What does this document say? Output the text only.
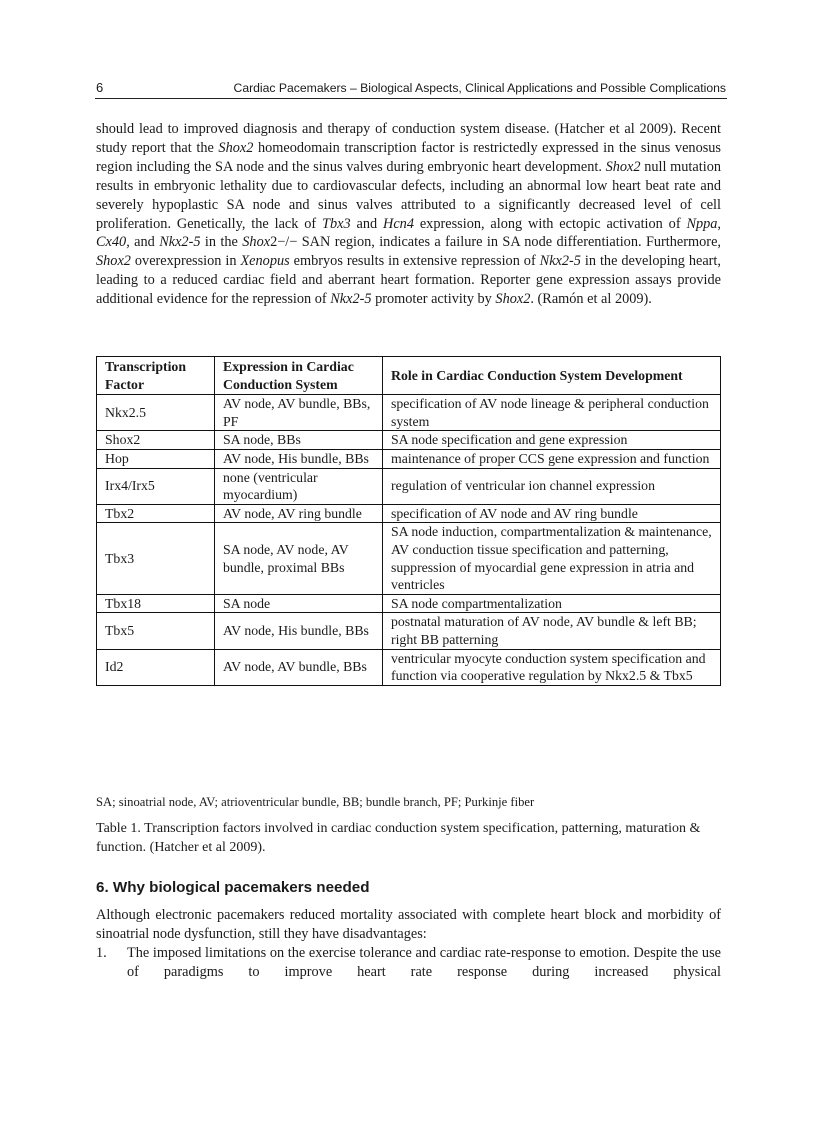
6	Cardiac Pacemakers – Biological Aspects, Clinical Applications and Possible Complications

should lead to improved diagnosis and therapy of conduction system disease. (Hatcher et al 2009). Recent study report that the Shox2 homeodomain transcription factor is restrictedly expressed in the sinus venosus region including the SA node and the sinus valves during embryonic heart development. Shox2 null mutation results in embryonic lethality due to cardiovascular defects, including an abnormal low heart beat rate and severely hypoplastic SA node and sinus valves attributed to a significantly decreased level of cell proliferation. Genetically, the lack of Tbx3 and Hcn4 expression, along with ectopic activation of Nppa, Cx40, and Nkx2-5 in the Shox2−/− SAN region, indicates a failure in SA node differentiation. Furthermore, Shox2 overexpression in Xenopus embryos results in extensive repression of Nkx2-5 in the developing heart, leading to a reduced cardiac field and aberrant heart formation. Reporter gene expression assays provide additional evidence for the repression of Nkx2-5 promoter activity by Shox2. (Ramón et al 2009).

Transcription Factor	Expression in Cardiac Conduction System	Role in Cardiac Conduction System Development
Nkx2.5	AV node, AV bundle, BBs, PF	specification of AV node lineage & peripheral conduction system
Shox2	SA node, BBs	SA node specification and gene expression
Hop	AV node, His bundle, BBs	maintenance of proper CCS gene expression and function
Irx4/Irx5	none (ventricular myocardium)	regulation of ventricular ion channel expression
Tbx2	AV node, AV ring bundle	specification of AV node and AV ring bundle
Tbx3	SA node, AV node, AV bundle, proximal BBs	SA node induction, compartmentalization & maintenance, AV conduction tissue specification and patterning, suppression of myocardial gene expression in atria and ventricles
Tbx18	SA node	SA node compartmentalization
Tbx5	AV node, His bundle, BBs	postnatal maturation of AV node, AV bundle & left BB; right BB patterning
Id2	AV node, AV bundle, BBs	ventricular myocyte conduction system specification and function via cooperative regulation by Nkx2.5 & Tbx5
SA; sinoatrial node, AV; atrioventricular bundle, BB; bundle branch, PF; Purkinje fiber
Table 1. Transcription factors involved in cardiac conduction system specification, patterning, maturation & function. (Hatcher et al 2009).
6. Why biological pacemakers needed

Although electronic pacemakers reduced mortality associated with complete heart block and morbidity of sinoatrial node dysfunction, still they have disadvantages:

1. The imposed limitations on the exercise tolerance and cardiac rate-response to emotion. Despite the use of paradigms to improve heart rate response during increased physical
